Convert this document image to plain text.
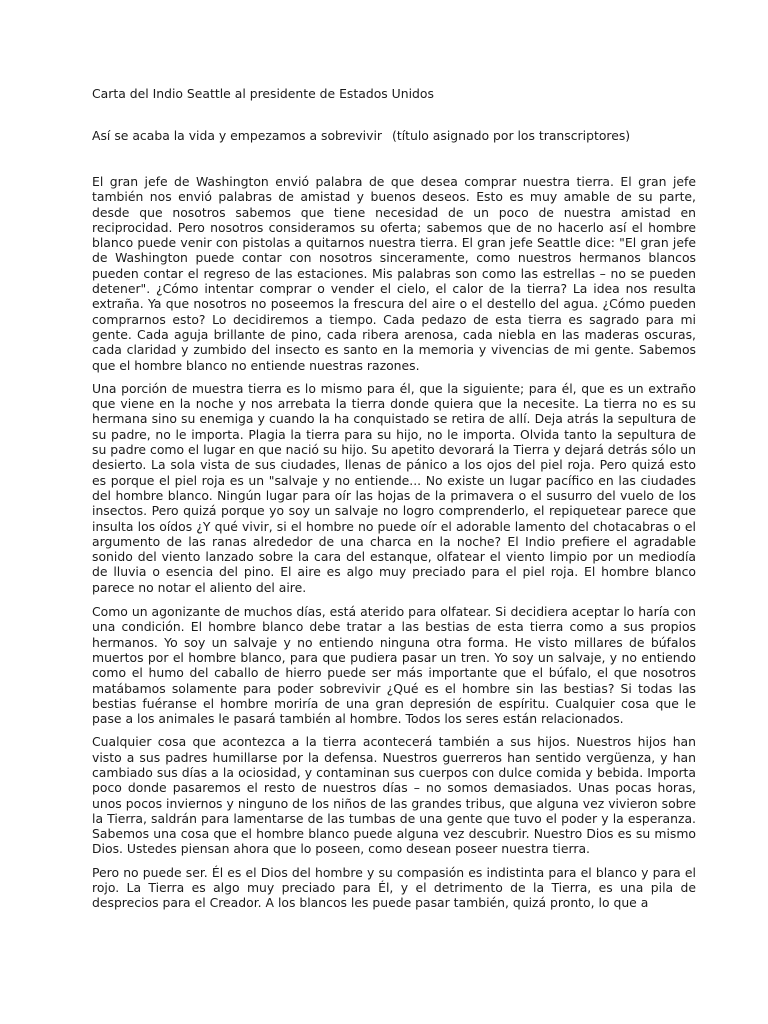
Carta del Indio Seattle al presidente de Estados Unidos
Así se acaba la vida y empezamos a sobrevivir (título asignado por los transcriptores)

El gran jefe de Washington envió palabra de que desea comprar nuestra tierra. El gran jefe también nos envió palabras de amistad y buenos deseos. Esto es muy amable de su parte, desde que nosotros sabemos que tiene necesidad de un poco de nuestra amistad en reciprocidad. Pero nosotros consideramos su oferta; sabemos que de no hacerlo así el hombre blanco puede venir con pistolas a quitarnos nuestra tierra. El gran jefe Seattle dice: "El gran jefe de Washington puede contar con nosotros sinceramente, como nuestros hermanos blancos pueden contar el regreso de las estaciones. Mis palabras son como las estrellas – no se pueden detener". ¿Cómo intentar comprar o vender el cielo, el calor de la tierra? La idea nos resulta extraña. Ya que nosotros no poseemos la frescura del aire o el destello del agua. ¿Cómo pueden comprarnos esto? Lo decidiremos a tiempo. Cada pedazo de esta tierra es sagrado para mi gente. Cada aguja brillante de pino, cada ribera arenosa, cada niebla en las maderas oscuras, cada claridad y zumbido del insecto es santo en la memoria y vivencias de mi gente. Sabemos que el hombre blanco no entiende nuestras razones.

Una porción de muestra tierra es lo mismo para él, que la siguiente; para él, que es un extraño que viene en la noche y nos arrebata la tierra donde quiera que la necesite. La tierra no es su hermana sino su enemiga y cuando la ha conquistado se retira de allí. Deja atrás la sepultura de su padre, no le importa. Plagia la tierra para su hijo, no le importa. Olvida tanto la sepultura de su padre como el lugar en que nació su hijo. Su apetito devorará la Tierra y dejará detrás sólo un desierto. La sola vista de sus ciudades, llenas de pánico a los ojos del piel roja. Pero quizá esto es porque el piel roja es un "salvaje y no entiende... No existe un lugar pacífico en las ciudades del hombre blanco. Ningún lugar para oír las hojas de la primavera o el susurro del vuelo de los insectos. Pero quizá porque yo soy un salvaje no logro comprenderlo, el repiquetear parece que insulta los oídos ¿Y qué vivir, si el hombre no puede oír el adorable lamento del chotacabras o el argumento de las ranas alrededor de una charca en la noche? El Indio prefiere el agradable sonido del viento lanzado sobre la cara del estanque, olfatear el viento limpio por un mediodía de lluvia o esencia del pino. El aire es algo muy preciado para el piel roja. El hombre blanco parece no notar el aliento del aire.

Como un agonizante de muchos días, está aterido para olfatear. Si decidiera aceptar lo haría con una condición. El hombre blanco debe tratar a las bestias de esta tierra como a sus propios hermanos. Yo soy un salvaje y no entiendo ninguna otra forma. He visto millares de búfalos muertos por el hombre blanco, para que pudiera pasar un tren. Yo soy un salvaje, y no entiendo como el humo del caballo de hierro puede ser más importante que el búfalo, el que nosotros matábamos solamente para poder sobrevivir ¿Qué es el hombre sin las bestias? Si todas las bestias fuéranse el hombre moriría de una gran depresión de espíritu. Cualquier cosa que le pase a los animales le pasará también al hombre. Todos los seres están relacionados.

Cualquier cosa que acontezca a la tierra acontecerá también a sus hijos. Nuestros hijos han visto a sus padres humillarse por la defensa. Nuestros guerreros han sentido vergüenza, y han cambiado sus días a la ociosidad, y contaminan sus cuerpos con dulce comida y bebida. Importa poco donde pasaremos el resto de nuestros días – no somos demasiados. Unas pocas horas, unos pocos inviernos y ninguno de los niños de las grandes tribus, que alguna vez vivieron sobre la Tierra, saldrán para lamentarse de las tumbas de una gente que tuvo el poder y la esperanza. Sabemos una cosa que el hombre blanco puede alguna vez descubrir. Nuestro Dios es su mismo Dios. Ustedes piensan ahora que lo poseen, como desean poseer nuestra tierra.

Pero no puede ser. Él es el Dios del hombre y su compasión es indistinta para el blanco y para el rojo. La Tierra es algo muy preciado para Él, y el detrimento de la Tierra, es una pila de desprecios para el Creador. A los blancos les puede pasar también, quizá pronto, lo que a
